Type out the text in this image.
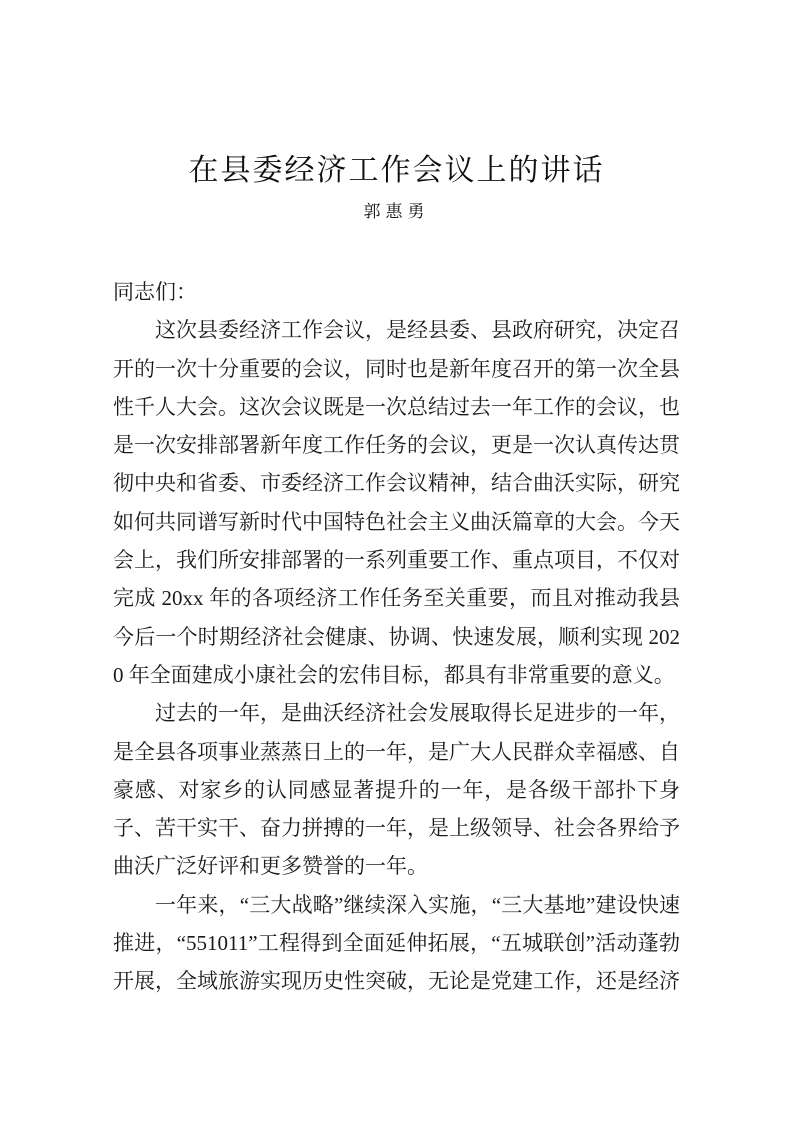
在县委经济工作会议上的讲话
郭惠勇

同志们：

这次县委经济工作会议，是经县委、县政府研究，决定召开的一次十分重要的会议，同时也是新年度召开的第一次全县性千人大会。这次会议既是一次总结过去一年工作的会议，也是一次安排部署新年度工作任务的会议，更是一次认真传达贯彻中央和省委、市委经济工作会议精神，结合曲沃实际，研究如何共同谱写新时代中国特色社会主义曲沃篇章的大会。今天会上，我们所安排部署的一系列重要工作、重点项目，不仅对完成 20xx 年的各项经济工作任务至关重要，而且对推动我县今后一个时期经济社会健康、协调、快速发展，顺利实现 2020 年全面建成小康社会的宏伟目标，都具有非常重要的意义。

过去的一年，是曲沃经济社会发展取得长足进步的一年，是全县各项事业蒸蒸日上的一年，是广大人民群众幸福感、自豪感、对家乡的认同感显著提升的一年，是各级干部扑下身子、苦干实干、奋力拼搏的一年，是上级领导、社会各界给予曲沃广泛好评和更多赞誉的一年。

一年来，“三大战略”继续深入实施，“三大基地”建设快速推进，“551011”工程得到全面延伸拓展，“五城联创”活动蓬勃开展，全域旅游实现历史性突破，无论是党建工作，还是经济
